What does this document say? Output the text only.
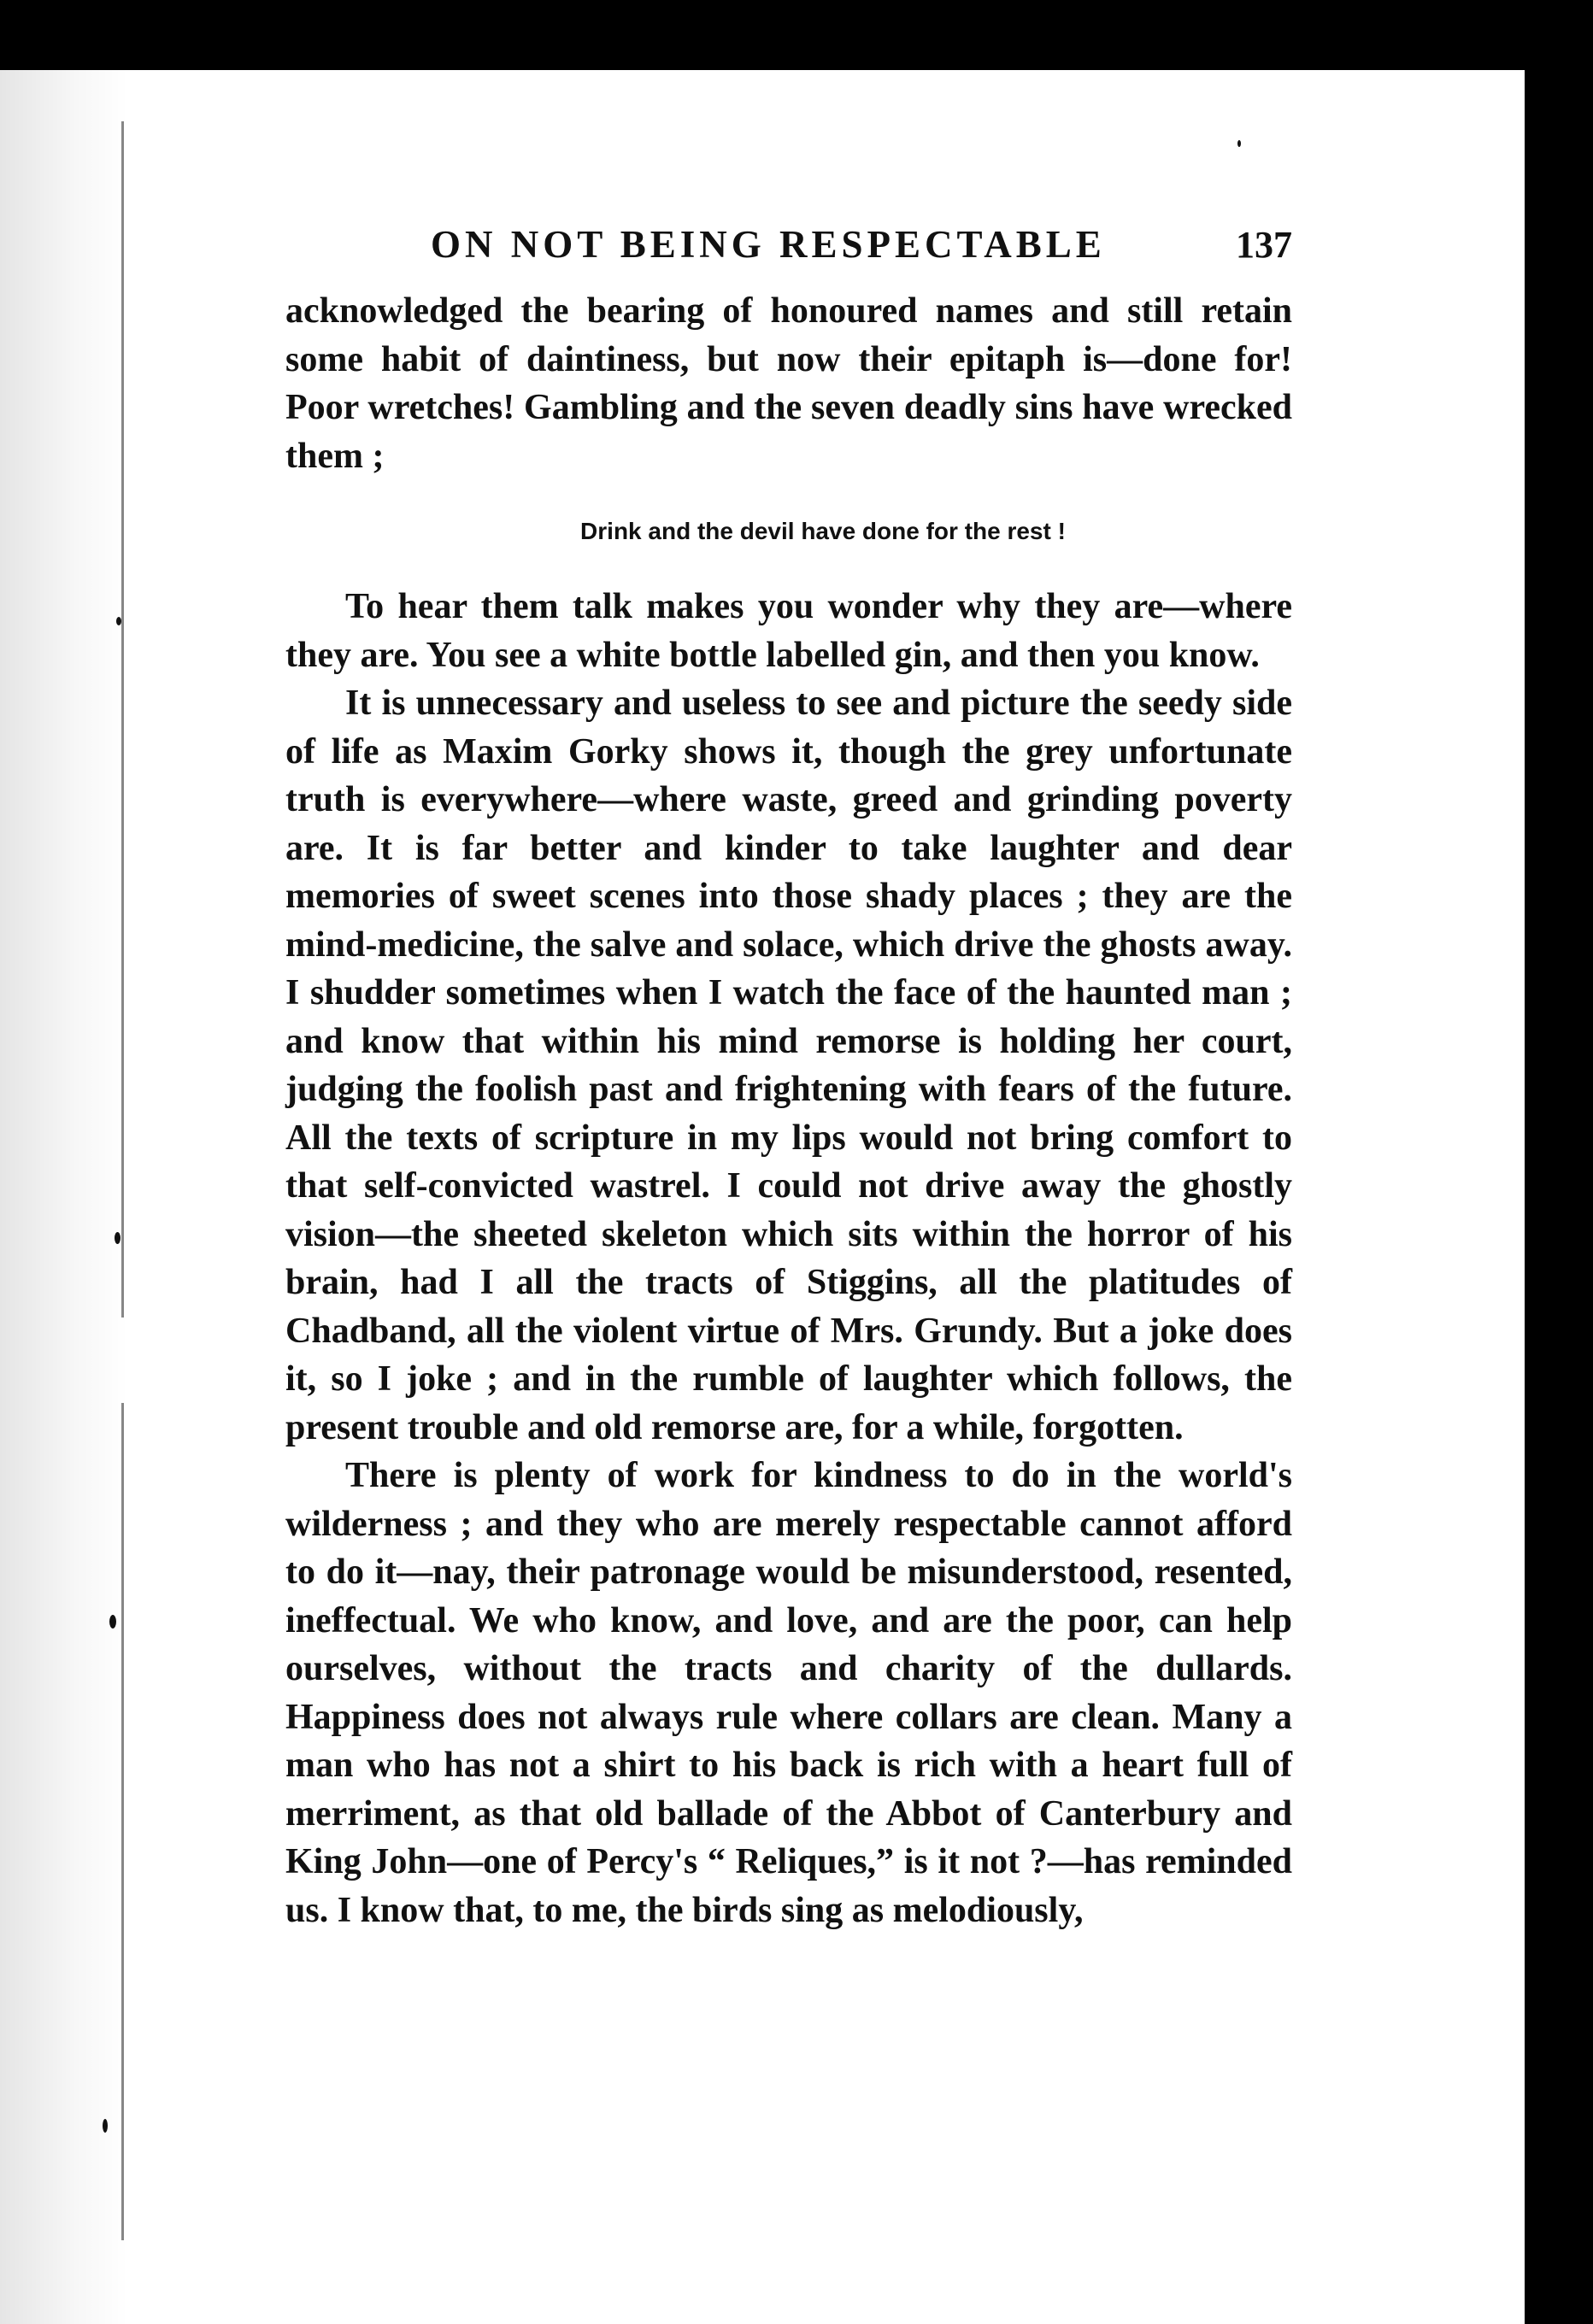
ON NOT BEING RESPECTABLE	137

acknowledged the bearing of honoured names and still retain some habit of daintiness, but now their epitaph is—done for! Poor wretches! Gambling and the seven deadly sins have wrecked them ;

Drink and the devil have done for the rest !

To hear them talk makes you wonder why they are—where they are. You see a white bottle labelled gin, and then you know.

It is unnecessary and useless to see and picture the seedy side of life as Maxim Gorky shows it, though the grey unfortunate truth is everywhere—where waste, greed and grinding poverty are. It is far better and kinder to take laughter and dear memories of sweet scenes into those shady places ; they are the mind-medicine, the salve and solace, which drive the ghosts away. I shudder sometimes when I watch the face of the haunted man ; and know that within his mind remorse is holding her court, judging the foolish past and frightening with fears of the future. All the texts of scripture in my lips would not bring comfort to that self-convicted wastrel. I could not drive away the ghostly vision—the sheeted skeleton which sits within the horror of his brain, had I all the tracts of Stiggins, all the platitudes of Chadband, all the violent virtue of Mrs. Grundy. But a joke does it, so I joke ; and in the rumble of laughter which follows, the present trouble and old remorse are, for a while, forgotten.

There is plenty of work for kindness to do in the world's wilderness ; and they who are merely respectable cannot afford to do it—nay, their patronage would be misunderstood, resented, ineffectual. We who know, and love, and are the poor, can help ourselves, without the tracts and charity of the dullards. Happiness does not always rule where collars are clean. Many a man who has not a shirt to his back is rich with a heart full of merriment, as that old ballade of the Abbot of Canterbury and King John—one of Percy's “ Reliques,” is it not ?—has reminded us. I know that, to me, the birds sing as melodiously,
